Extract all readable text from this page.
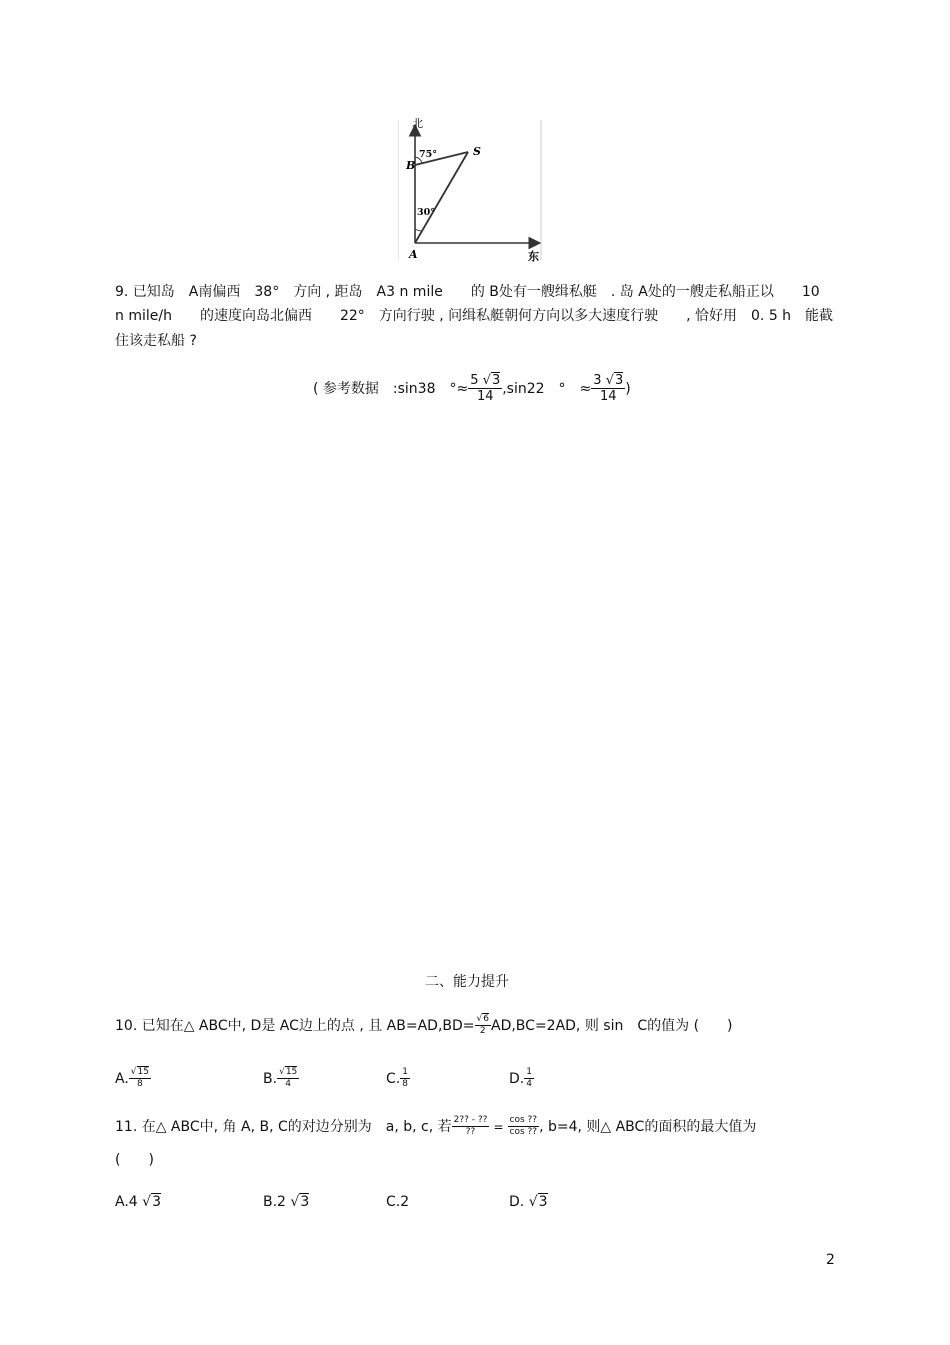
北
东
B
S
A
75°
30°
9. 已知岛　A南偏西　38°　方向 , 距岛　A3 n mile　　的 B处有一艘缉私艇　. 岛 A处的一艘走私船正以　　10
n mile/h　　的速度向岛北偏西　　22°　方向行驶 , 问缉私艇朝何方向以多大速度行驶　　, 恰好用　0. 5 h　能截
住该走私船 ?
( 参考数据　:sin38　°≈ $\frac{5 √ 3}{14} ,\sin 22$　°　≈ $\frac{3 √ 3}{14}$ )
二、能力提升
10. 已知在△ ABC中, D是 AC边上的点 , 且 AB=AD,BD= √ $\frac{6}{2} AD,BC=2AD$, 则 sin　C的值为 (　　)
A. √ $\frac{15}{8}$	B. √ $\frac{15}{4}$	C. $\frac{1}{8}$	D. $\frac{1}{4}$
11. 在△ ABC中, 角 A, B, C的对边分别为　a, b, c, 若 $\frac{2?? - ??}{??} = \frac{\cos ??}{\cos ??}$ , b=4, 则△ ABC的面积的最大值为
(　　)
A.4 √ 3	B.2 √ 3	C.2	D. √ 3
2
